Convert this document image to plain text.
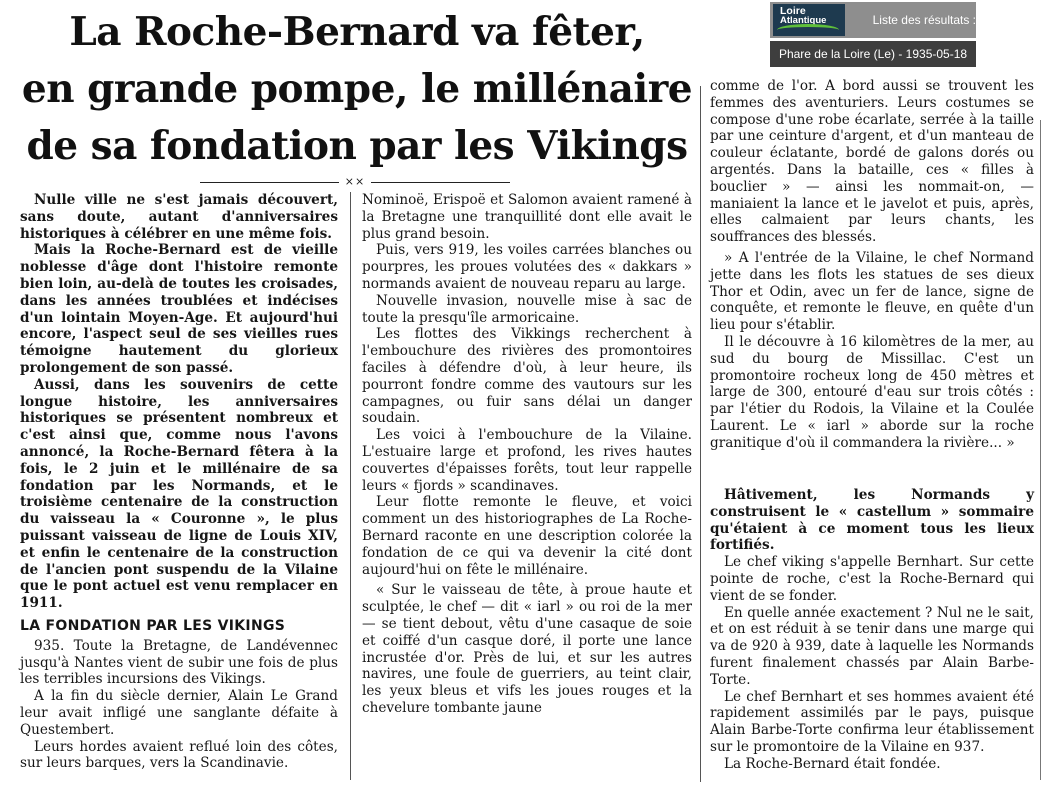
La Roche-Bernard va fêter,
en grande pompe, le millénaire
de sa fondation par les Vikings
××

Nulle ville ne s'est jamais découvert, sans doute, autant d'anniversaires historiques à célébrer en une même fois.

Mais la Roche-Bernard est de vieille noblesse d'âge dont l'histoire remonte bien loin, au-delà de toutes les croisades, dans les années troublées et indécises d'un lointain Moyen-Age. Et aujourd'hui encore, l'aspect seul de ses vieilles rues témoigne hautement du glorieux prolongement de son passé.

Aussi, dans les souvenirs de cette longue histoire, les anniversaires historiques se présentent nombreux et c'est ainsi que, comme nous l'avons annoncé, la Roche-Bernard fêtera à la fois, le 2 juin et le millénaire de sa fondation par les Normands, et le troisième centenaire de la construction du vaisseau la « Couronne », le plus puissant vaisseau de ligne de Louis XIV, et enfin le centenaire de la construction de l'ancien pont suspendu de la Vilaine que le pont actuel est venu remplacer en 1911.

LA FONDATION PAR LES VIKINGS

935. Toute la Bretagne, de Landévennec jusqu'à Nantes vient de subir une fois de plus les terribles incursions des Vikings.

A la fin du siècle dernier, Alain Le Grand leur avait infligé une sanglante défaite à Questembert.

Leurs hordes avaient reflué loin des côtes, sur leurs barques, vers la Scandinavie.

Nominoë, Erispoë et Salomon avaient ramené à la Bretagne une tranquillité dont elle avait le plus grand besoin.

Puis, vers 919, les voiles carrées blanches ou pourpres, les proues volutées des « dakkars » normands avaient de nouveau reparu au large.

Nouvelle invasion, nouvelle mise à sac de toute la presqu'île armoricaine.

Les flottes des Vikkings recherchent à l'embouchure des rivières des promontoires faciles à défendre d'où, à leur heure, ils pourront fondre comme des vautours sur les campagnes, ou fuir sans délai un danger soudain.

Les voici à l'embouchure de la Vilaine. L'estuaire large et profond, les rives hautes couvertes d'épaisses forêts, tout leur rappelle leurs « fjords » scandinaves.

Leur flotte remonte le fleuve, et voici comment un des historiographes de La Roche-Bernard raconte en une description colorée la fondation de ce qui va devenir la cité dont aujourd'hui on fête le millénaire.

« Sur le vaisseau de tête, à proue haute et sculptée, le chef — dit « iarl » ou roi de la mer — se tient debout, vêtu d'une casaque de soie et coiffé d'un casque doré, il porte une lance incrustée d'or. Près de lui, et sur les autres navires, une foule de guerriers, au teint clair, les yeux bleus et vifs les joues rouges et la chevelure tombante jaune

comme de l'or. A bord aussi se trouvent les femmes des aventuriers. Leurs costumes se compose d'une robe écarlate, serrée à la taille par une ceinture d'argent, et d'un manteau de couleur éclatante, bordé de galons dorés ou argentés. Dans la bataille, ces « filles à bouclier » — ainsi les nommait-on, — maniaient la lance et le javelot et puis, après, elles calmaient par leurs chants, les souffrances des blessés.

» A l'entrée de la Vilaine, le chef Normand jette dans les flots les statues de ses dieux Thor et Odin, avec un fer de lance, signe de conquête, et remonte le fleuve, en quête d'un lieu pour s'établir.

Il le découvre à 16 kilomètres de la mer, au sud du bourg de Missillac. C'est un promontoire rocheux long de 450 mètres et large de 300, entouré d'eau sur trois côtés : par l'étier du Rodois, la Vilaine et la Coulée Laurent. Le « iarl » aborde sur la roche granitique d'où il commandera la rivière... »

Hâtivement, les Normands y construisent le « castellum » sommaire qu'étaient à ce moment tous les lieux fortifiés.

Le chef viking s'appelle Bernhart. Sur cette pointe de roche, c'est la Roche-Bernard qui vient de se fonder.

En quelle année exactement ? Nul ne le sait, et on est réduit à se tenir dans une marge qui va de 920 à 939, date à laquelle les Normands furent finalement chassés par Alain Barbe-Torte.

Le chef Bernhart et ses hommes avaient été rapidement assimilés par le pays, puisque Alain Barbe-Torte confirma leur établissement sur le promontoire de la Vilaine en 937.

La Roche-Bernard était fondée.

Loire
Atlantique	Liste des résultats :
Phare de la Loire (Le) - 1935-05-18
